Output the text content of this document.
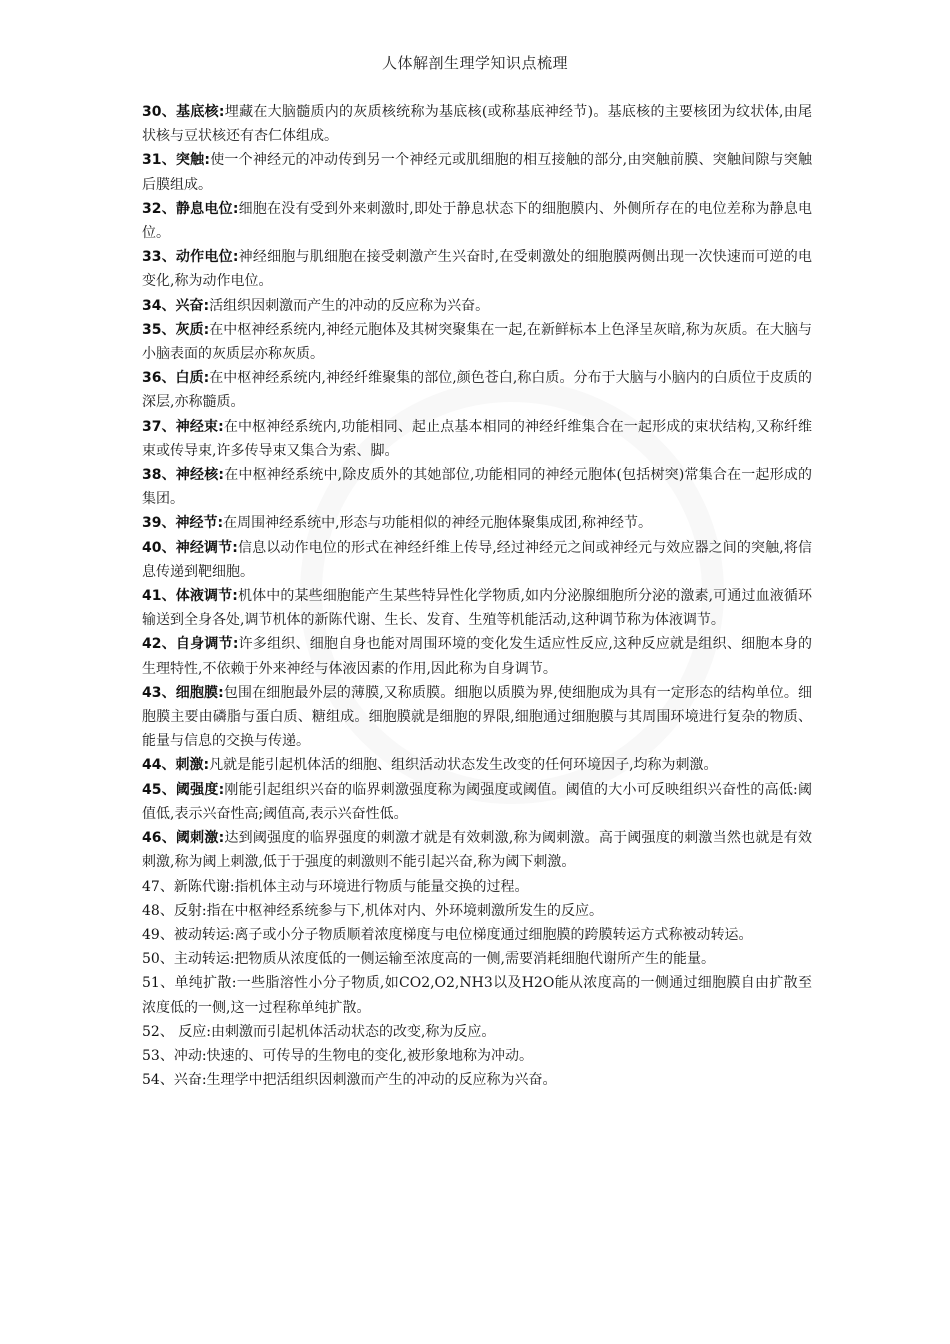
人体解剖生理学知识点梳理

30、基底核:埋藏在大脑髓质内的灰质核统称为基底核(或称基底神经节)。基底核的主要核团为纹状体,由尾状核与豆状核还有杏仁体组成。

31、突触:使一个神经元的冲动传到另一个神经元或肌细胞的相互接触的部分,由突触前膜、突触间隙与突触后膜组成。

32、静息电位:细胞在没有受到外来刺激时,即处于静息状态下的细胞膜内、外侧所存在的电位差称为静息电位。

33、动作电位:神经细胞与肌细胞在接受刺激产生兴奋时,在受刺激处的细胞膜两侧出现一次快速而可逆的电变化,称为动作电位。

34、兴奋:活组织因刺激而产生的冲动的反应称为兴奋。

35、灰质:在中枢神经系统内,神经元胞体及其树突聚集在一起,在新鲜标本上色泽呈灰暗,称为灰质。在大脑与小脑表面的灰质层亦称灰质。

36、白质:在中枢神经系统内,神经纤维聚集的部位,颜色苍白,称白质。分布于大脑与小脑内的白质位于皮质的深层,亦称髓质。

37、神经束:在中枢神经系统内,功能相同、起止点基本相同的神经纤维集合在一起形成的束状结构,又称纤维束或传导束,许多传导束又集合为索、脚。

38、神经核:在中枢神经系统中,除皮质外的其她部位,功能相同的神经元胞体(包括树突)常集合在一起形成的集团。

39、神经节:在周围神经系统中,形态与功能相似的神经元胞体聚集成团,称神经节。

40、神经调节:信息以动作电位的形式在神经纤维上传导,经过神经元之间或神经元与效应器之间的突触,将信息传递到靶细胞。

41、体液调节:机体中的某些细胞能产生某些特异性化学物质,如内分泌腺细胞所分泌的激素,可通过血液循环输送到全身各处,调节机体的新陈代谢、生长、发育、生殖等机能活动,这种调节称为体液调节。

42、自身调节:许多组织、细胞自身也能对周围环境的变化发生适应性反应,这种反应就是组织、细胞本身的生理特性,不依赖于外来神经与体液因素的作用,因此称为自身调节。

43、细胞膜:包围在细胞最外层的薄膜,又称质膜。细胞以质膜为界,使细胞成为具有一定形态的结构单位。细胞膜主要由磷脂与蛋白质、糖组成。细胞膜就是细胞的界限,细胞通过细胞膜与其周围环境进行复杂的物质、能量与信息的交换与传递。

44、刺激:凡就是能引起机体活的细胞、组织活动状态发生改变的任何环境因子,均称为刺激。

45、阈强度:刚能引起组织兴奋的临界刺激强度称为阈强度或阈值。阈值的大小可反映组织兴奋性的高低:阈值低,表示兴奋性高;阈值高,表示兴奋性低。

46、阈刺激:达到阈强度的临界强度的刺激才就是有效刺激,称为阈刺激。高于阈强度的刺激当然也就是有效刺激,称为阈上刺激,低于于强度的刺激则不能引起兴奋,称为阈下刺激。

47、新陈代谢:指机体主动与环境进行物质与能量交换的过程。

48、反射:指在中枢神经系统参与下,机体对内、外环境刺激所发生的反应。

49、被动转运:离子或小分子物质顺着浓度梯度与电位梯度通过细胞膜的跨膜转运方式称被动转运。

50、主动转运:把物质从浓度低的一侧运输至浓度高的一侧,需要消耗细胞代谢所产生的能量。

51、单纯扩散:一些脂溶性小分子物质,如CO2,O2,NH3以及H2O能从浓度高的一侧通过细胞膜自由扩散至浓度低的一侧,这一过程称单纯扩散。

52、 反应:由刺激而引起机体活动状态的改变,称为反应。

53、冲动:快速的、可传导的生物电的变化,被形象地称为冲动。

54、兴奋:生理学中把活组织因刺激而产生的冲动的反应称为兴奋。
